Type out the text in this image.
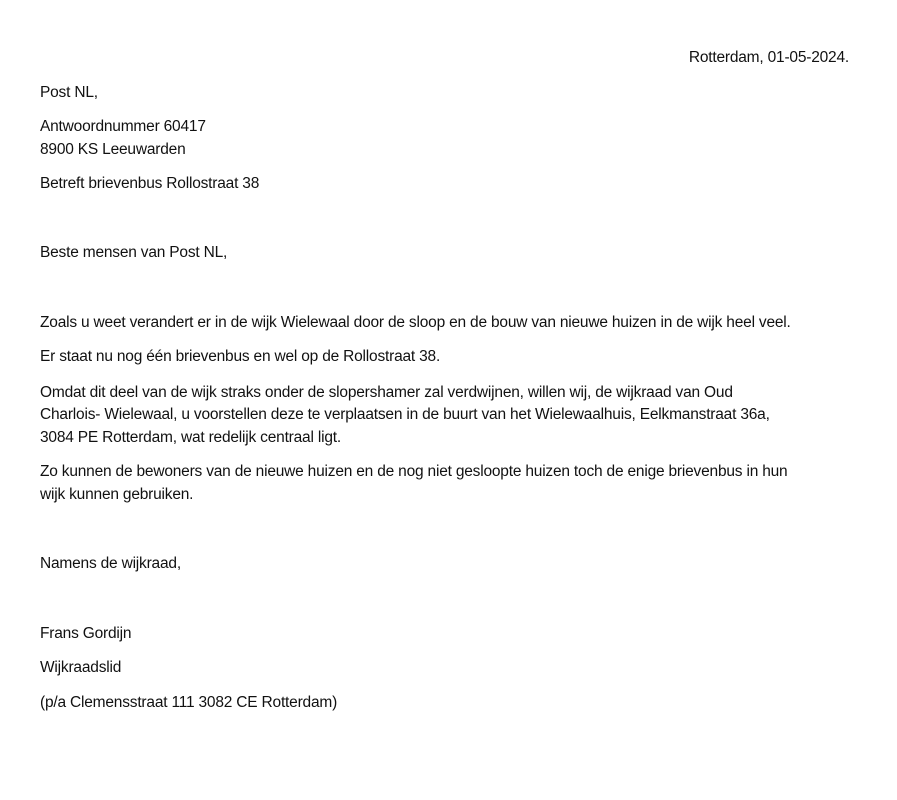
Rotterdam, 01-05-2024.
Post NL,
Antwoordnummer 60417
8900 KS Leeuwarden
Betreft brievenbus Rollostraat 38
Beste mensen van Post NL,
Zoals u weet verandert er in de wijk Wielewaal door de sloop en de bouw van nieuwe huizen in de wijk heel veel.
Er staat nu nog één brievenbus en wel op de Rollostraat 38.
Omdat dit deel van de wijk straks onder de slopershamer zal verdwijnen, willen wij, de wijkraad van Oud
Charlois- Wielewaal, u voorstellen deze te verplaatsen in de buurt van het Wielewaalhuis, Eelkmanstraat 36a,
3084 PE Rotterdam, wat redelijk centraal ligt.
Zo kunnen de bewoners van de nieuwe huizen en de nog niet gesloopte huizen toch de enige brievenbus in hun
wijk kunnen gebruiken.
Namens de wijkraad,
Frans Gordijn
Wijkraadslid
(p/a Clemensstraat 111 3082 CE Rotterdam)
